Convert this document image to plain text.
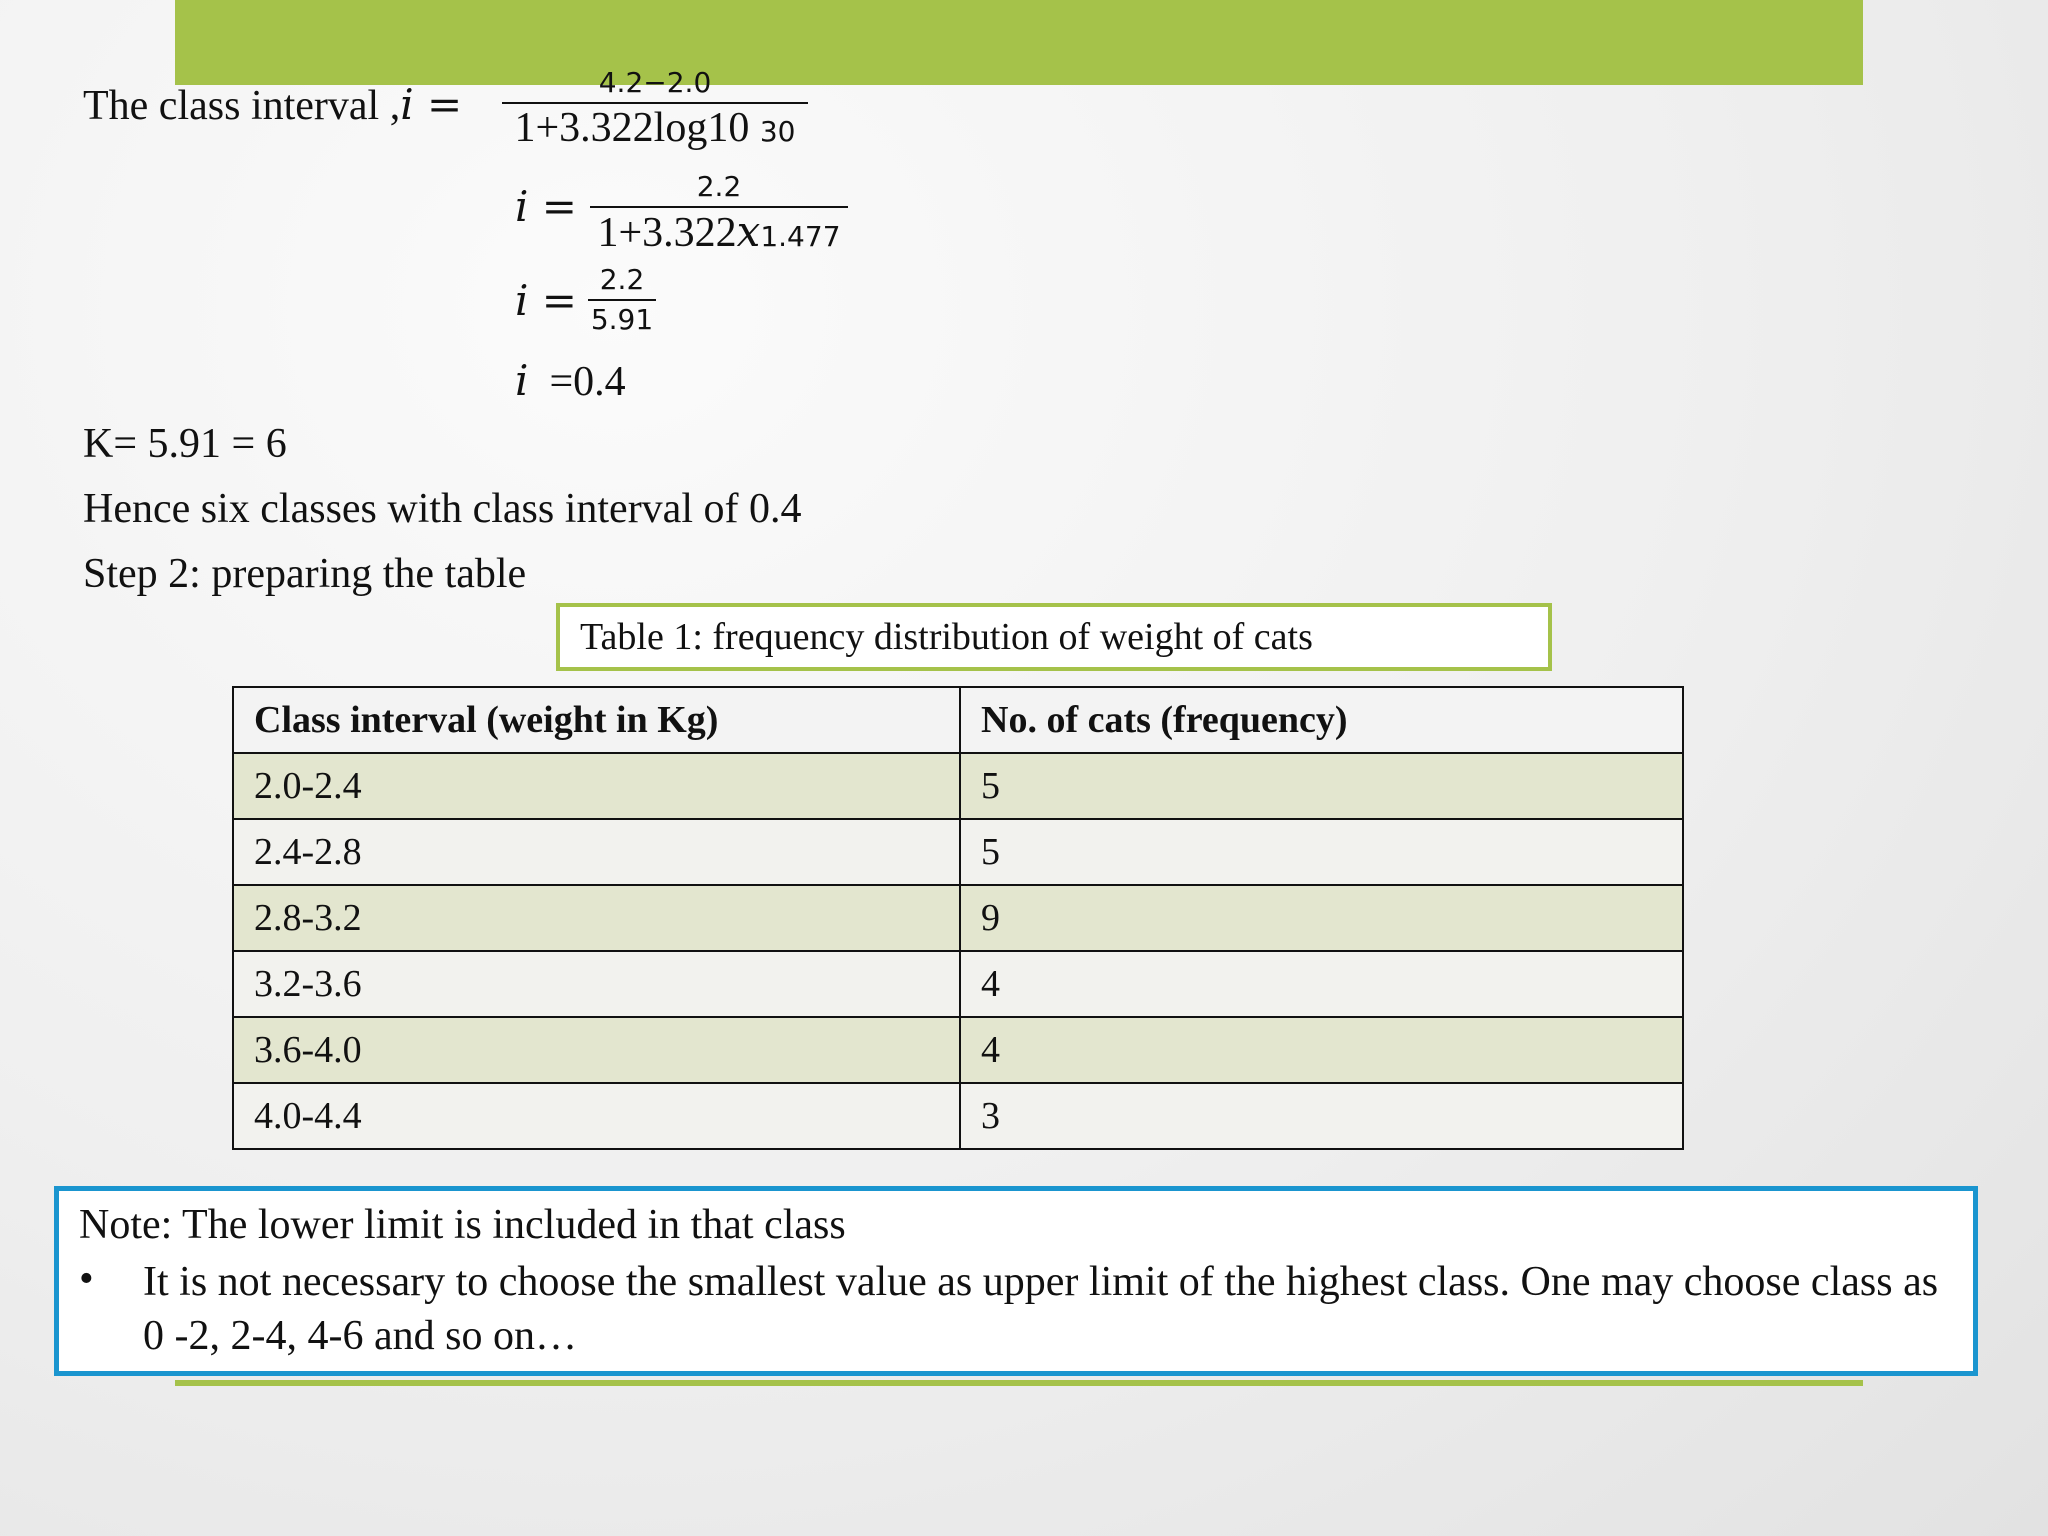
The class interval ,i =	4.2−2.0
1+3.322log10 30
i =	2.2
1+3.322x1.477
i = 2.2
5.91
i =0.4
K= 5.91 = 6
Hence six classes with class interval of 0.4
Step 2: preparing the table
Table 1: frequency distribution of weight of cats
Class interval (weight in Kg)	No. of cats (frequency)
2.0-2.4	5
2.4-2.8	5
2.8-3.2	9
3.2-3.6	4
3.6-4.0	4
4.0-4.4	3
Note: The lower limit is included in that class
• It is not necessary to choose the smallest value as upper limit of the highest class. One may choose class as 0 -2, 2-4, 4-6 and so on…
